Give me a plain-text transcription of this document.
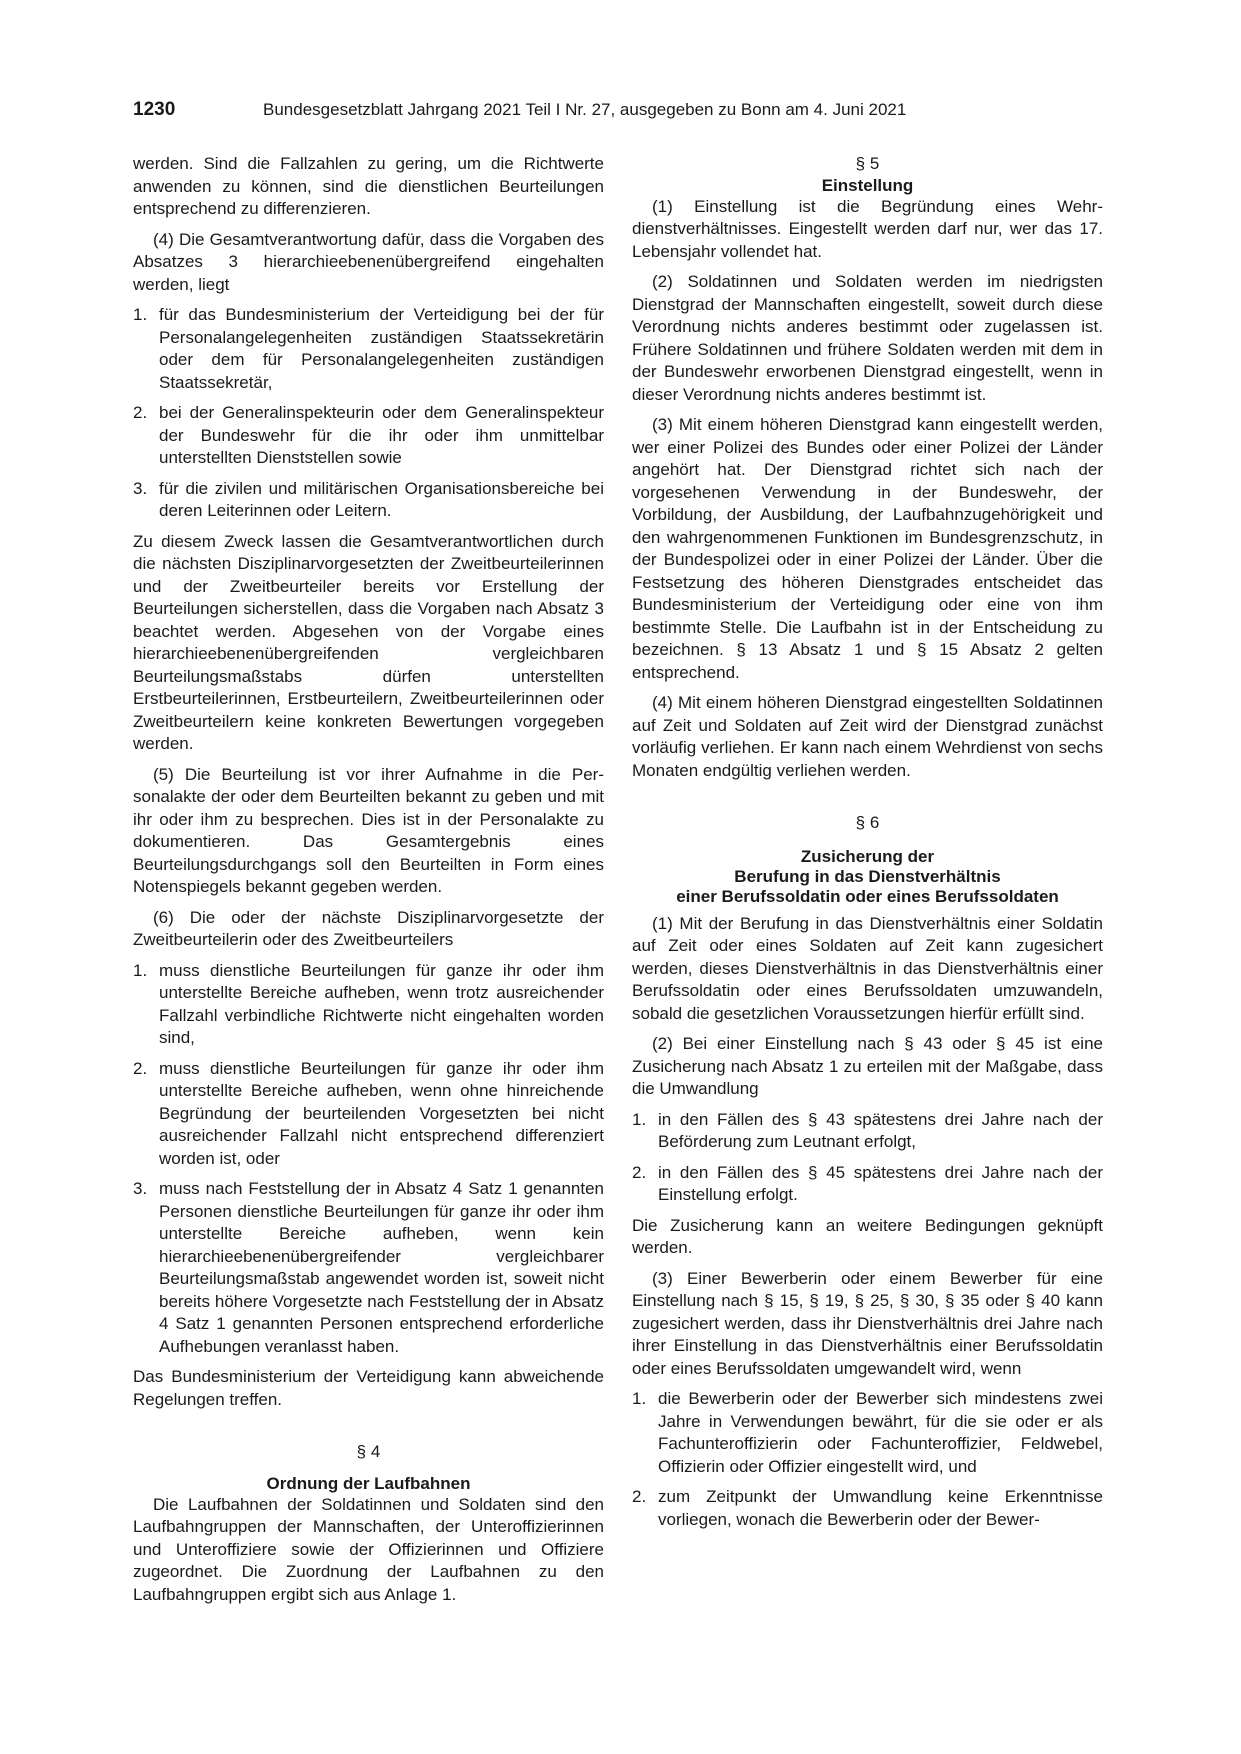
1230	Bundesgesetzblatt Jahrgang 2021 Teil I Nr. 27, ausgegeben zu Bonn am 4. Juni 2021

werden. Sind die Fallzahlen zu gering, um die Richtwerte anwenden zu können, sind die dienstlichen Beurteilungen entsprechend zu differenzieren.

(4) Die Gesamtverantwortung dafür, dass die Vorgaben des Absatzes 3 hierarchieebenenübergreifend eingehalten werden, liegt

1. für das Bundesministerium der Verteidigung bei der für Personalangelegenheiten zuständigen Staatssekretärin oder dem für Personalangelegenheiten zuständigen Staatssekretär,
2. bei der Generalinspekteurin oder dem Generalinspekteur der Bundeswehr für die ihr oder ihm unmittelbar unterstellten Dienststellen sowie
3. für die zivilen und militärischen Organisationsbereiche bei deren Leiterinnen oder Leitern.

Zu diesem Zweck lassen die Gesamtverantwortlichen durch die nächsten Disziplinarvorgesetzten der Zweitbeurteilerinnen und der Zweitbeurteiler bereits vor Erstellung der Beurteilungen sicherstellen, dass die Vorgaben nach Absatz 3 beachtet werden. Abgesehen von der Vorgabe eines hierarchieebenenübergreifenden vergleichbaren Beurteilungsmaßstabs dürfen unterstellten Erstbeurteilerinnen, Erstbeurteilern, Zweitbeurteilerinnen oder Zweitbeurteilern keine konkreten Bewertungen vorgegeben werden.

(5) Die Beurteilung ist vor ihrer Aufnahme in die Personalakte der oder dem Beurteilten bekannt zu geben und mit ihr oder ihm zu besprechen. Dies ist in der Personalakte zu dokumentieren. Das Gesamtergebnis eines Beurteilungsdurchgangs soll den Beurteilten in Form eines Notenspiegels bekannt gegeben werden.

(6) Die oder der nächste Disziplinarvorgesetzte der Zweitbeurteilerin oder des Zweitbeurteilers

1. muss dienstliche Beurteilungen für ganze ihr oder ihm unterstellte Bereiche aufheben, wenn trotz ausreichender Fallzahl verbindliche Richtwerte nicht eingehalten worden sind,
2. muss dienstliche Beurteilungen für ganze ihr oder ihm unterstellte Bereiche aufheben, wenn ohne hinreichende Begründung der beurteilenden Vorgesetzten bei nicht ausreichender Fallzahl nicht entsprechend differenziert worden ist, oder
3. muss nach Feststellung der in Absatz 4 Satz 1 genannten Personen dienstliche Beurteilungen für ganze ihr oder ihm unterstellte Bereiche aufheben, wenn kein hierarchieebenenübergreifender vergleichbarer Beurteilungsmaßstab angewendet worden ist, soweit nicht bereits höhere Vorgesetzte nach Feststellung der in Absatz 4 Satz 1 genannten Personen entsprechend erforderliche Aufhebungen veranlasst haben.

Das Bundesministerium der Verteidigung kann abweichende Regelungen treffen.

§ 4

Ordnung der Laufbahnen

Die Laufbahnen der Soldatinnen und Soldaten sind den Laufbahngruppen der Mannschaften, der Unteroffizierinnen und Unteroffiziere sowie der Offizierinnen und Offiziere zugeordnet. Die Zuordnung der Laufbahnen zu den Laufbahngruppen ergibt sich aus Anlage 1.

§ 5

Einstellung

(1) Einstellung ist die Begründung eines Wehrdienstverhältnisses. Eingestellt werden darf nur, wer das 17. Lebensjahr vollendet hat.

(2) Soldatinnen und Soldaten werden im niedrigsten Dienstgrad der Mannschaften eingestellt, soweit durch diese Verordnung nichts anderes bestimmt oder zugelassen ist. Frühere Soldatinnen und frühere Soldaten werden mit dem in der Bundeswehr erworbenen Dienstgrad eingestellt, wenn in dieser Verordnung nichts anderes bestimmt ist.

(3) Mit einem höheren Dienstgrad kann eingestellt werden, wer einer Polizei des Bundes oder einer Polizei der Länder angehört hat. Der Dienstgrad richtet sich nach der vorgesehenen Verwendung in der Bundeswehr, der Vorbildung, der Ausbildung, der Laufbahnzugehörigkeit und den wahrgenommenen Funktionen im Bundesgrenzschutz, in der Bundespolizei oder in einer Polizei der Länder. Über die Festsetzung des höheren Dienstgrades entscheidet das Bundesministerium der Verteidigung oder eine von ihm bestimmte Stelle. Die Laufbahn ist in der Entscheidung zu bezeichnen. § 13 Absatz 1 und § 15 Absatz 2 gelten entsprechend.

(4) Mit einem höheren Dienstgrad eingestellten Soldatinnen auf Zeit und Soldaten auf Zeit wird der Dienstgrad zunächst vorläufig verliehen. Er kann nach einem Wehrdienst von sechs Monaten endgültig verliehen werden.

§ 6

Zusicherung der
Berufung in das Dienstverhältnis
einer Berufssoldatin oder eines Berufssoldaten

(1) Mit der Berufung in das Dienstverhältnis einer Soldatin auf Zeit oder eines Soldaten auf Zeit kann zugesichert werden, dieses Dienstverhältnis in das Dienstverhältnis einer Berufssoldatin oder eines Berufssoldaten umzuwandeln, sobald die gesetzlichen Voraussetzungen hierfür erfüllt sind.

(2) Bei einer Einstellung nach § 43 oder § 45 ist eine Zusicherung nach Absatz 1 zu erteilen mit der Maßgabe, dass die Umwandlung

1. in den Fällen des § 43 spätestens drei Jahre nach der Beförderung zum Leutnant erfolgt,
2. in den Fällen des § 45 spätestens drei Jahre nach der Einstellung erfolgt.

Die Zusicherung kann an weitere Bedingungen geknüpft werden.

(3) Einer Bewerberin oder einem Bewerber für eine Einstellung nach § 15, § 19, § 25, § 30, § 35 oder § 40 kann zugesichert werden, dass ihr Dienstverhältnis drei Jahre nach ihrer Einstellung in das Dienstverhältnis einer Berufssoldatin oder eines Berufssoldaten umgewandelt wird, wenn

1. die Bewerberin oder der Bewerber sich mindestens zwei Jahre in Verwendungen bewährt, für die sie oder er als Fachunteroffizierin oder Fachunteroffizier, Feldwebel, Offizierin oder Offizier eingestellt wird, und
2. zum Zeitpunkt der Umwandlung keine Erkenntnisse vorliegen, wonach die Bewerberin oder der Bewer-
